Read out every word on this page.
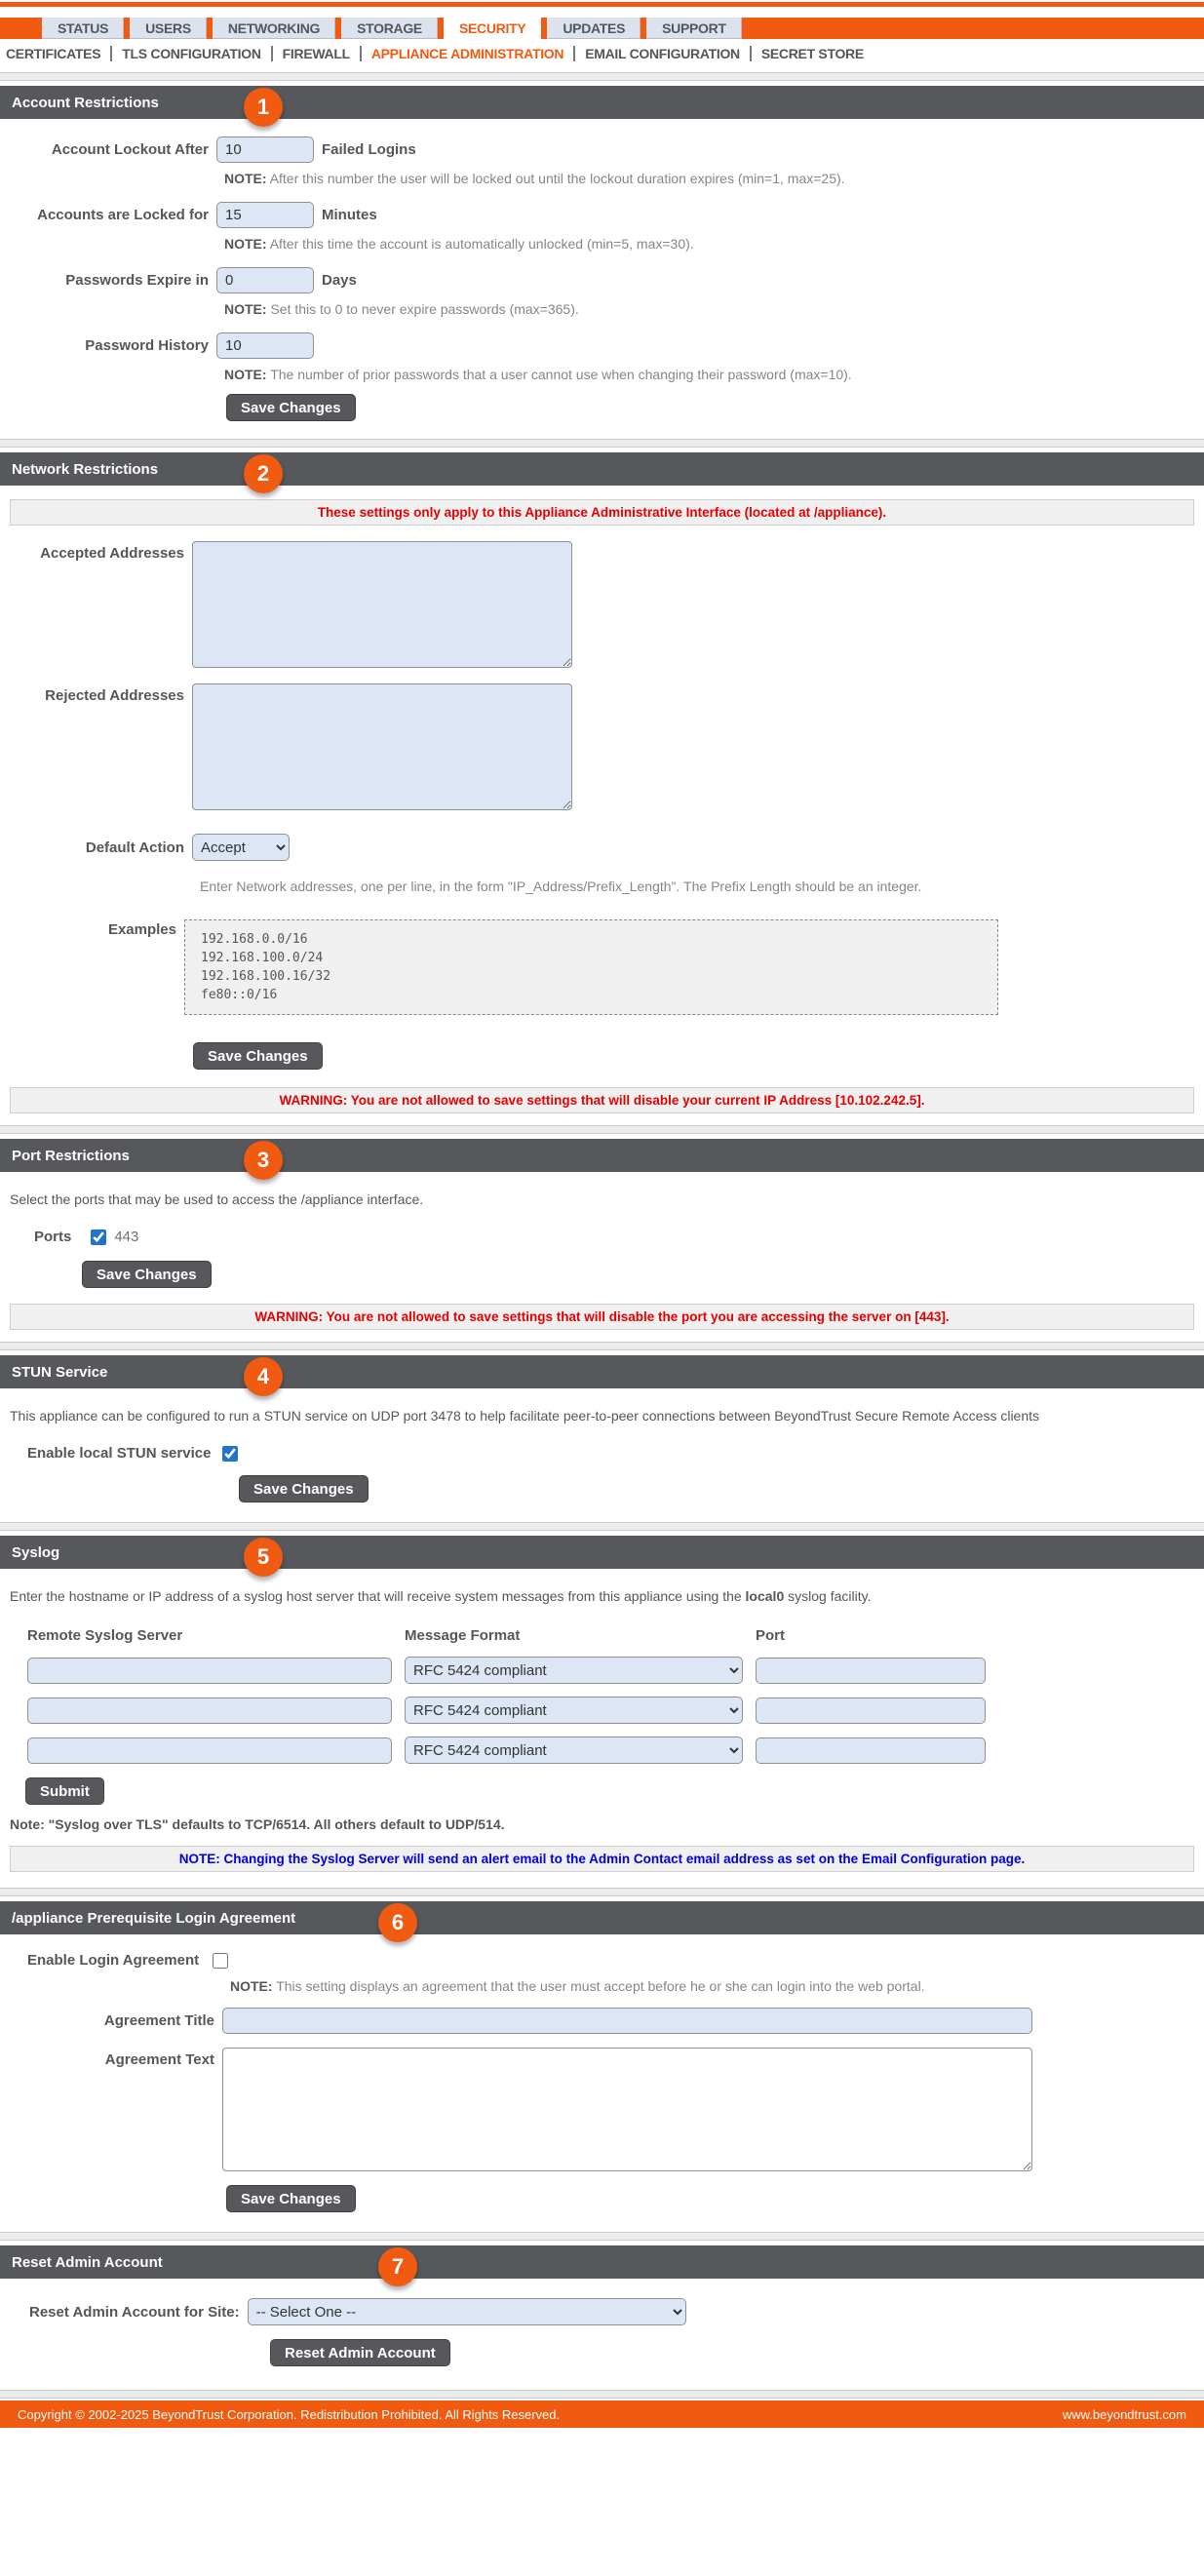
STATUS	USERS	NETWORKING	STORAGE	SECURITY	UPDATES	SUPPORT
CERTIFICATES	TLS CONFIGURATION	FIREWALL	APPLIANCE ADMINISTRATION	EMAIL CONFIGURATION	SECRET STORE
Account Restrictions	1
Account Lockout After
10	Failed Logins
NOTE: After this number the user will be locked out until the lockout duration expires (min=1, max=25).
Accounts are Locked for
15	Minutes
NOTE: After this time the account is automatically unlocked (min=5, max=30).
Passwords Expire in
0	Days
NOTE: Set this to 0 to never expire passwords (max=365).
Password History
10
NOTE: The number of prior passwords that a user cannot use when changing their password (max=10).
Save Changes
Network Restrictions	2
These settings only apply to this Appliance Administrative Interface (located at /appliance).
Accepted Addresses
Rejected Addresses
Default Action
Accept
Enter Network addresses, one per line, in the form "IP_Address/Prefix_Length". The Prefix Length should be an integer.
Examples
192.168.0.0/16
192.168.100.0/24
192.168.100.16/32
fe80::0/16
Save Changes
WARNING: You are not allowed to save settings that will disable your current IP Address [10.102.242.5].
Port Restrictions	3
Select the ports that may be used to access the /appliance interface.
Ports	443
Save Changes
WARNING: You are not allowed to save settings that will disable the port you are accessing the server on [443].
STUN Service	4
This appliance can be configured to run a STUN service on UDP port 3478 to help facilitate peer-to-peer connections between BeyondTrust Secure Remote Access clients
Enable local STUN service
Save Changes
Syslog	5
Enter the hostname or IP address of a syslog host server that will receive system messages from this appliance using the local0 syslog facility.
Remote Syslog Server	Message Format	Port
RFC 5424 compliant
RFC 5424 compliant
RFC 5424 compliant
Submit
Note: "Syslog over TLS" defaults to TCP/6514. All others default to UDP/514.
NOTE: Changing the Syslog Server will send an alert email to the Admin Contact email address as set on the Email Configuration page.
/appliance Prerequisite Login Agreement	6
Enable Login Agreement
NOTE: This setting displays an agreement that the user must accept before he or she can login into the web portal.
Agreement Title
Agreement Text
Save Changes
Reset Admin Account	7
Reset Admin Account for Site:
-- Select One --
Reset Admin Account
Copyright © 2002-2025 BeyondTrust Corporation. Redistribution Prohibited. All Rights Reserved.	www.beyondtrust.com
